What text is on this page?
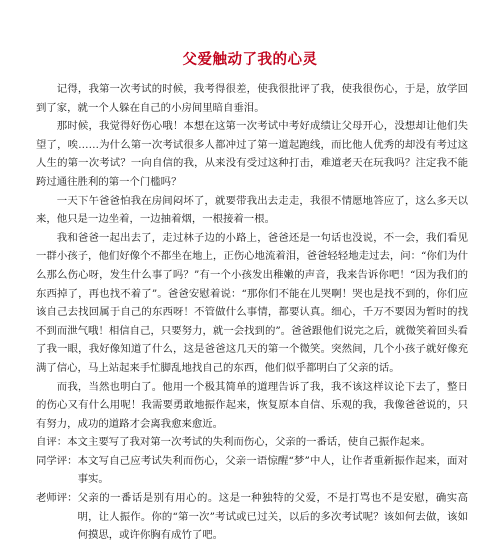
父爱触动了我的心灵

记得，我第一次考试的时候，我考得很差，使我很批评了我，使我很伤心，于是，放学回到了家，就一个人躲在自己的小房间里暗自垂泪。

那时候，我觉得好伤心哦！本想在这第一次考试中考好成绩让父母开心，没想却让他们失望了，唉……为什么第一次考试很多人都冲过了第一道起跑线，而比他人优秀的却没有考过这人生的第一次考试？一向自信的我，从来没有受过这种打击，难道老天在玩我吗？注定我不能跨过通往胜利的第一个门槛吗？

一天下午爸爸怕我在房间闷坏了，就要带我出去走走，我很不情愿地答应了，这么多天以来，他只是一边坐着，一边抽着烟，一根接着一根。

我和爸爸一起出去了，走过林子边的小路上，爸爸还是一句话也没说，不一会，我们看见一群小孩子，他们好像个不都坐在地上，正伤心地流着泪，爸爸轻轻地走过去，问：“你们为什么那么伤心呀，发生什么事了吗？”有一个小孩发出稚嫩的声音，我来告诉你吧！“因为我们的东西掉了，再也找不着了”。爸爸安慰着说：“那你们不能在儿哭啊！哭也是找不到的，你们应该自己去找回属于自己的东西呀！不管做什么事情，都要认真。细心，千万不要因为暂时的找不到而泄气哦！相信自己，只要努力，就一会找到的”。爸爸跟他们说完之后，就微笑着回头看了我一眼，我好像知道了什么，这是爸爸这几天的第一个微笑。突然间，几个小孩子就好像充满了信心，马上站起来手忙脚乱地找自己的东西，他们似乎都明白了父亲的话。

而我，当然也明白了。他用一个极其简单的道理告诉了我，我不该这样议论下去了，整日的伤心又有什么用呢！我需要勇敢地振作起来，恢复原本自信、乐观的我，我像爸爸说的，只有努力，成功的道路才会离我愈来愈近。

自评： 本文主要写了我对第一次考试的失利而伤心，父亲的一番话，使自己振作起来。
同学评： 本文写自己应考试失利而伤心，父亲一语惊醒“梦”中人，让作者重新振作起来，面对事实。
老师评： 父亲的一番话是别有用心的。这是一种独特的父爱，不是打骂也不是安慰，确实高明，让人振作。你的“第一次”考试或已过关，以后的多次考试呢？该如何去做，该如何摸思，或许你胸有成竹了吧。
